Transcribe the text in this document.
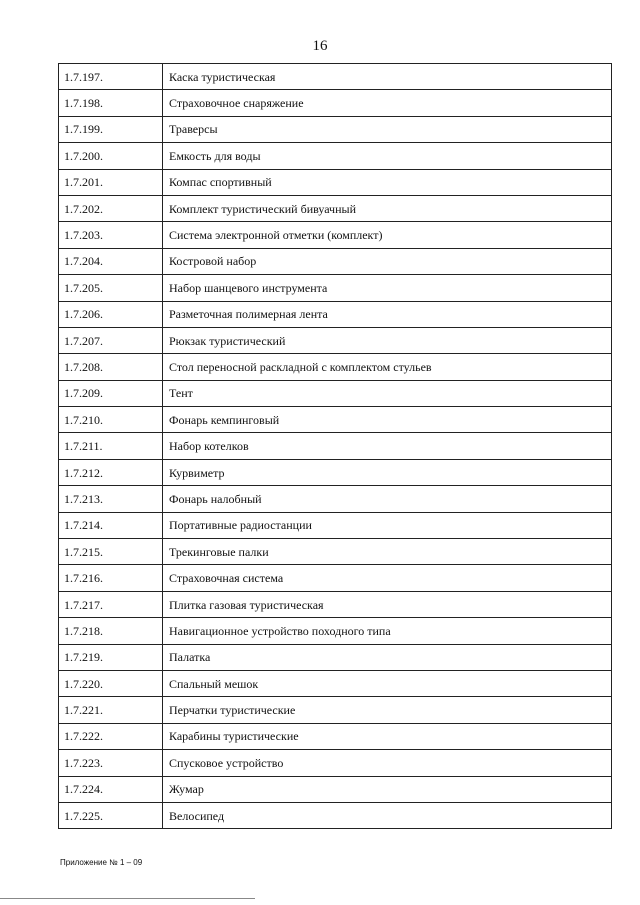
16
1.7.197.	Каска туристическая
1.7.198.	Страховочное снаряжение
1.7.199.	Траверсы
1.7.200.	Емкость для воды
1.7.201.	Компас спортивный
1.7.202.	Комплект туристический бивуачный
1.7.203.	Система электронной отметки (комплект)
1.7.204.	Костровой набор
1.7.205.	Набор шанцевого инструмента
1.7.206.	Разметочная полимерная лента
1.7.207.	Рюкзак туристический
1.7.208.	Стол переносной раскладной с комплектом стульев
1.7.209.	Тент
1.7.210.	Фонарь кемпинговый
1.7.211.	Набор котелков
1.7.212.	Курвиметр
1.7.213.	Фонарь налобный
1.7.214.	Портативные радиостанции
1.7.215.	Трекинговые палки
1.7.216.	Страховочная система
1.7.217.	Плитка газовая туристическая
1.7.218.	Навигационное устройство походного типа
1.7.219.	Палатка
1.7.220.	Спальный мешок
1.7.221.	Перчатки туристические
1.7.222.	Карабины туристические
1.7.223.	Спусковое устройство
1.7.224.	Жумар
1.7.225.	Велосипед
Приложение № 1 – 09
